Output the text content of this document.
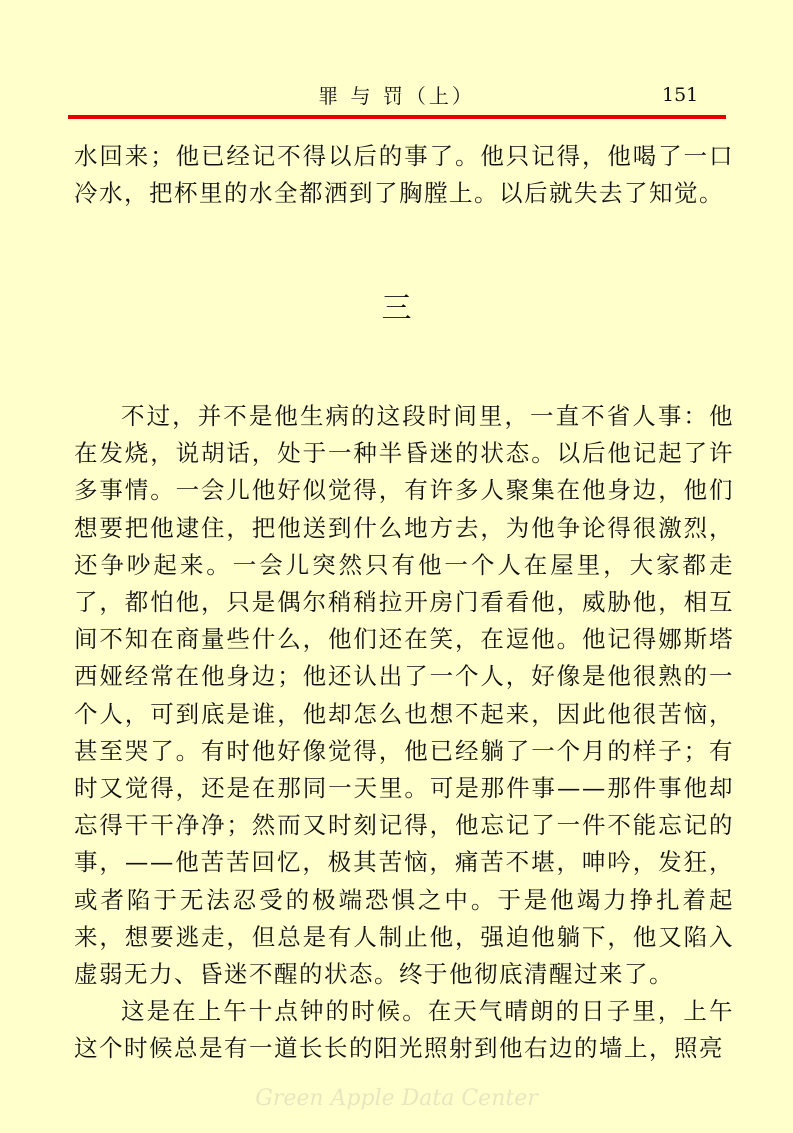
罪 与 罚（上）	151

水回来；他已经记不得以后的事了。他只记得，他喝了一口冷水，把杯里的水全都洒到了胸膛上。以后就失去了知觉。

三

不过，并不是他生病的这段时间里，一直不省人事：他在发烧，说胡话，处于一种半昏迷的状态。以后他记起了许多事情。一会儿他好似觉得，有许多人聚集在他身边，他们想要把他逮住，把他送到什么地方去，为他争论得很激烈，还争吵起来。一会儿突然只有他一个人在屋里，大家都走了，都怕他，只是偶尔稍稍拉开房门看看他，威胁他，相互间不知在商量些什么，他们还在笑，在逗他。他记得娜斯塔西娅经常在他身边；他还认出了一个人，好像是他很熟的一个人，可到底是谁，他却怎么也想不起来，因此他很苦恼，甚至哭了。有时他好像觉得，他已经躺了一个月的样子；有时又觉得，还是在那同一天里。可是那件事——那件事他却忘得干干净净；然而又时刻记得，他忘记了一件不能忘记的事，——他苦苦回忆，极其苦恼，痛苦不堪，呻吟，发狂，或者陷于无法忍受的极端恐惧之中。于是他竭力挣扎着起来，想要逃走，但总是有人制止他，强迫他躺下，他又陷入虚弱无力、昏迷不醒的状态。终于他彻底清醒过来了。

这是在上午十点钟的时候。在天气晴朗的日子里，上午这个时候总是有一道长长的阳光照射到他右边的墙上，照亮

Green Apple Data Center
